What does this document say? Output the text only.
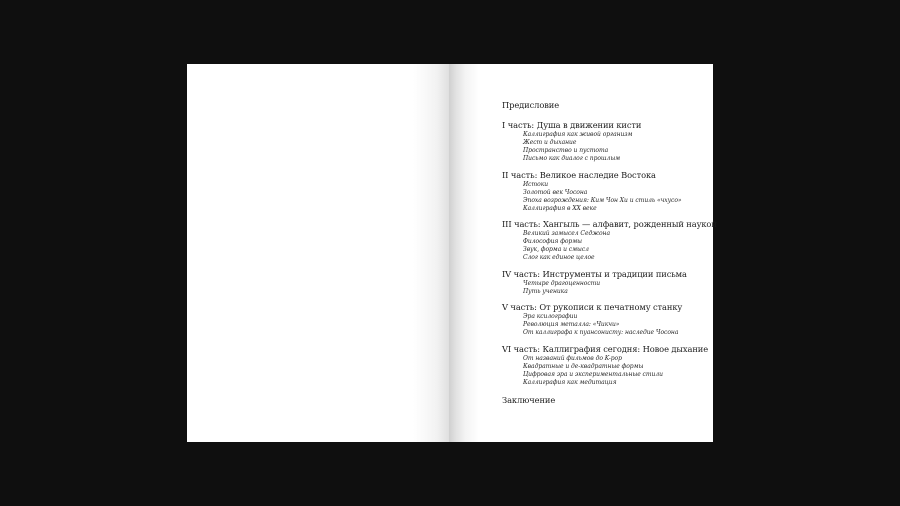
Предисловие
I часть: Душа в движении кисти
Каллиграфия как живой организм
Жест и дыхание
Пространство и пустота
Письмо как диалог с прошлым
II часть: Великое наследие Востока
Истоки
Золотой век Чосона
Эпоха возрождения: Ким Чон Хи и стиль «чхусо»
Каллиграфия в XX веке
III часть: Хангыль — алфавит, рожденный наукой
Великий замысел Седжона
Философия формы
Звук, форма и смысл
Слог как единое целое
IV часть: Инструменты и традиции письма
Четыре драгоценности
Путь ученика
V часть: От рукописи к печатному станку
Эра ксилографии
Революция металла: «Чикчи»
От каллиграфа к пуансонисту: наследие Чосона
VI часть: Каллиграфия сегодня: Новое дыхание
От названий фильмов до K-pop
Квадратные и де-квадратные формы
Цифровая эра и экспериментальные стили
Каллиграфия как медитация
Заключение
